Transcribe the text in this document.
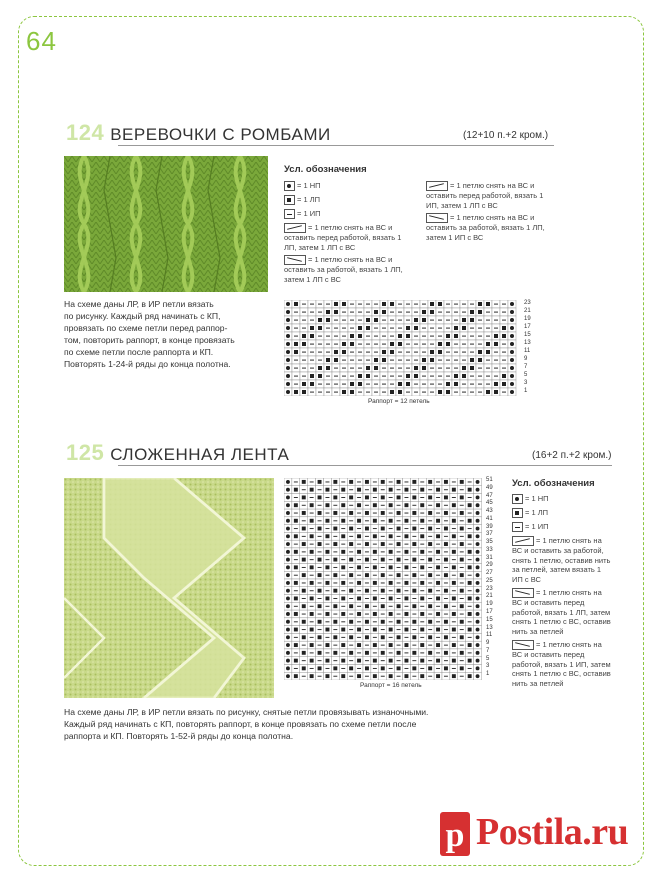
64
124 ВЕРЕВОЧКИ С РОМБАМИ	(12+10 п.+2 кром.)
Усл. обозначения
= 1 НП
= 1 ЛП
= 1 ИП
= 1 петлю снять на ВС и оставить перед работой, вязать 1 ЛП, затем 1 ЛП с ВС
= 1 петлю снять на ВС и оставить за работой, вязать 1 ЛП, затем 1 ЛП с ВС
= 1 петлю снять на ВС и оставить перед работой, вязать 1 ИП, затем 1 ЛП с ВС
= 1 петлю снять на ВС и оставить за работой, вязать 1 ЛП, затем 1 ИП с ВС
На схеме даны ЛР, в ИР петли вязать
по рисунку. Каждый ряд начинать с КП,
провязать по схеме петли перед раппор-
том, повторить раппорт, в конце провязать
по схеме петли после раппорта и КП.
Повторять 1-24-й ряды до конца полотна.
23
21
19
17
15
13
11
9
7
5
3
1
Раппорт = 12 петель
125 СЛОЖЕННАЯ ЛЕНТА	(16+2 п.+2 кром.)
Усл. обозначения
= 1 НП
= 1 ЛП
= 1 ИП
= 1 петлю снять на ВС и оставить за работой, снять 1 петлю, оставив нить за петлей, затем вязать 1 ИП с ВС
= 1 петлю снять на ВС и оставить перед работой, вязать 1 ЛП, затем снять 1 петлю с ВС, оставив нить за петлей
= 1 петлю снять на ВС и оставить перед работой, вязать 1 ИП, затем снять 1 петлю с ВС, оставив нить за петлей
51
49
47
45
43
41
39
37
35
33
31
29
27
25
23
21
19
17
15
13
11
9
7
5
3
1
Раппорт = 16 петель
На схеме даны ЛР, в ИР петли вязать по рисунку, снятые петли провязывать изнаночными.
Каждый ряд начинать с КП, повторять раппорт, в конце провязать по схеме петли после
раппорта и КП. Повторять 1-52-й ряды до конца полотна.
p Postila.ru
